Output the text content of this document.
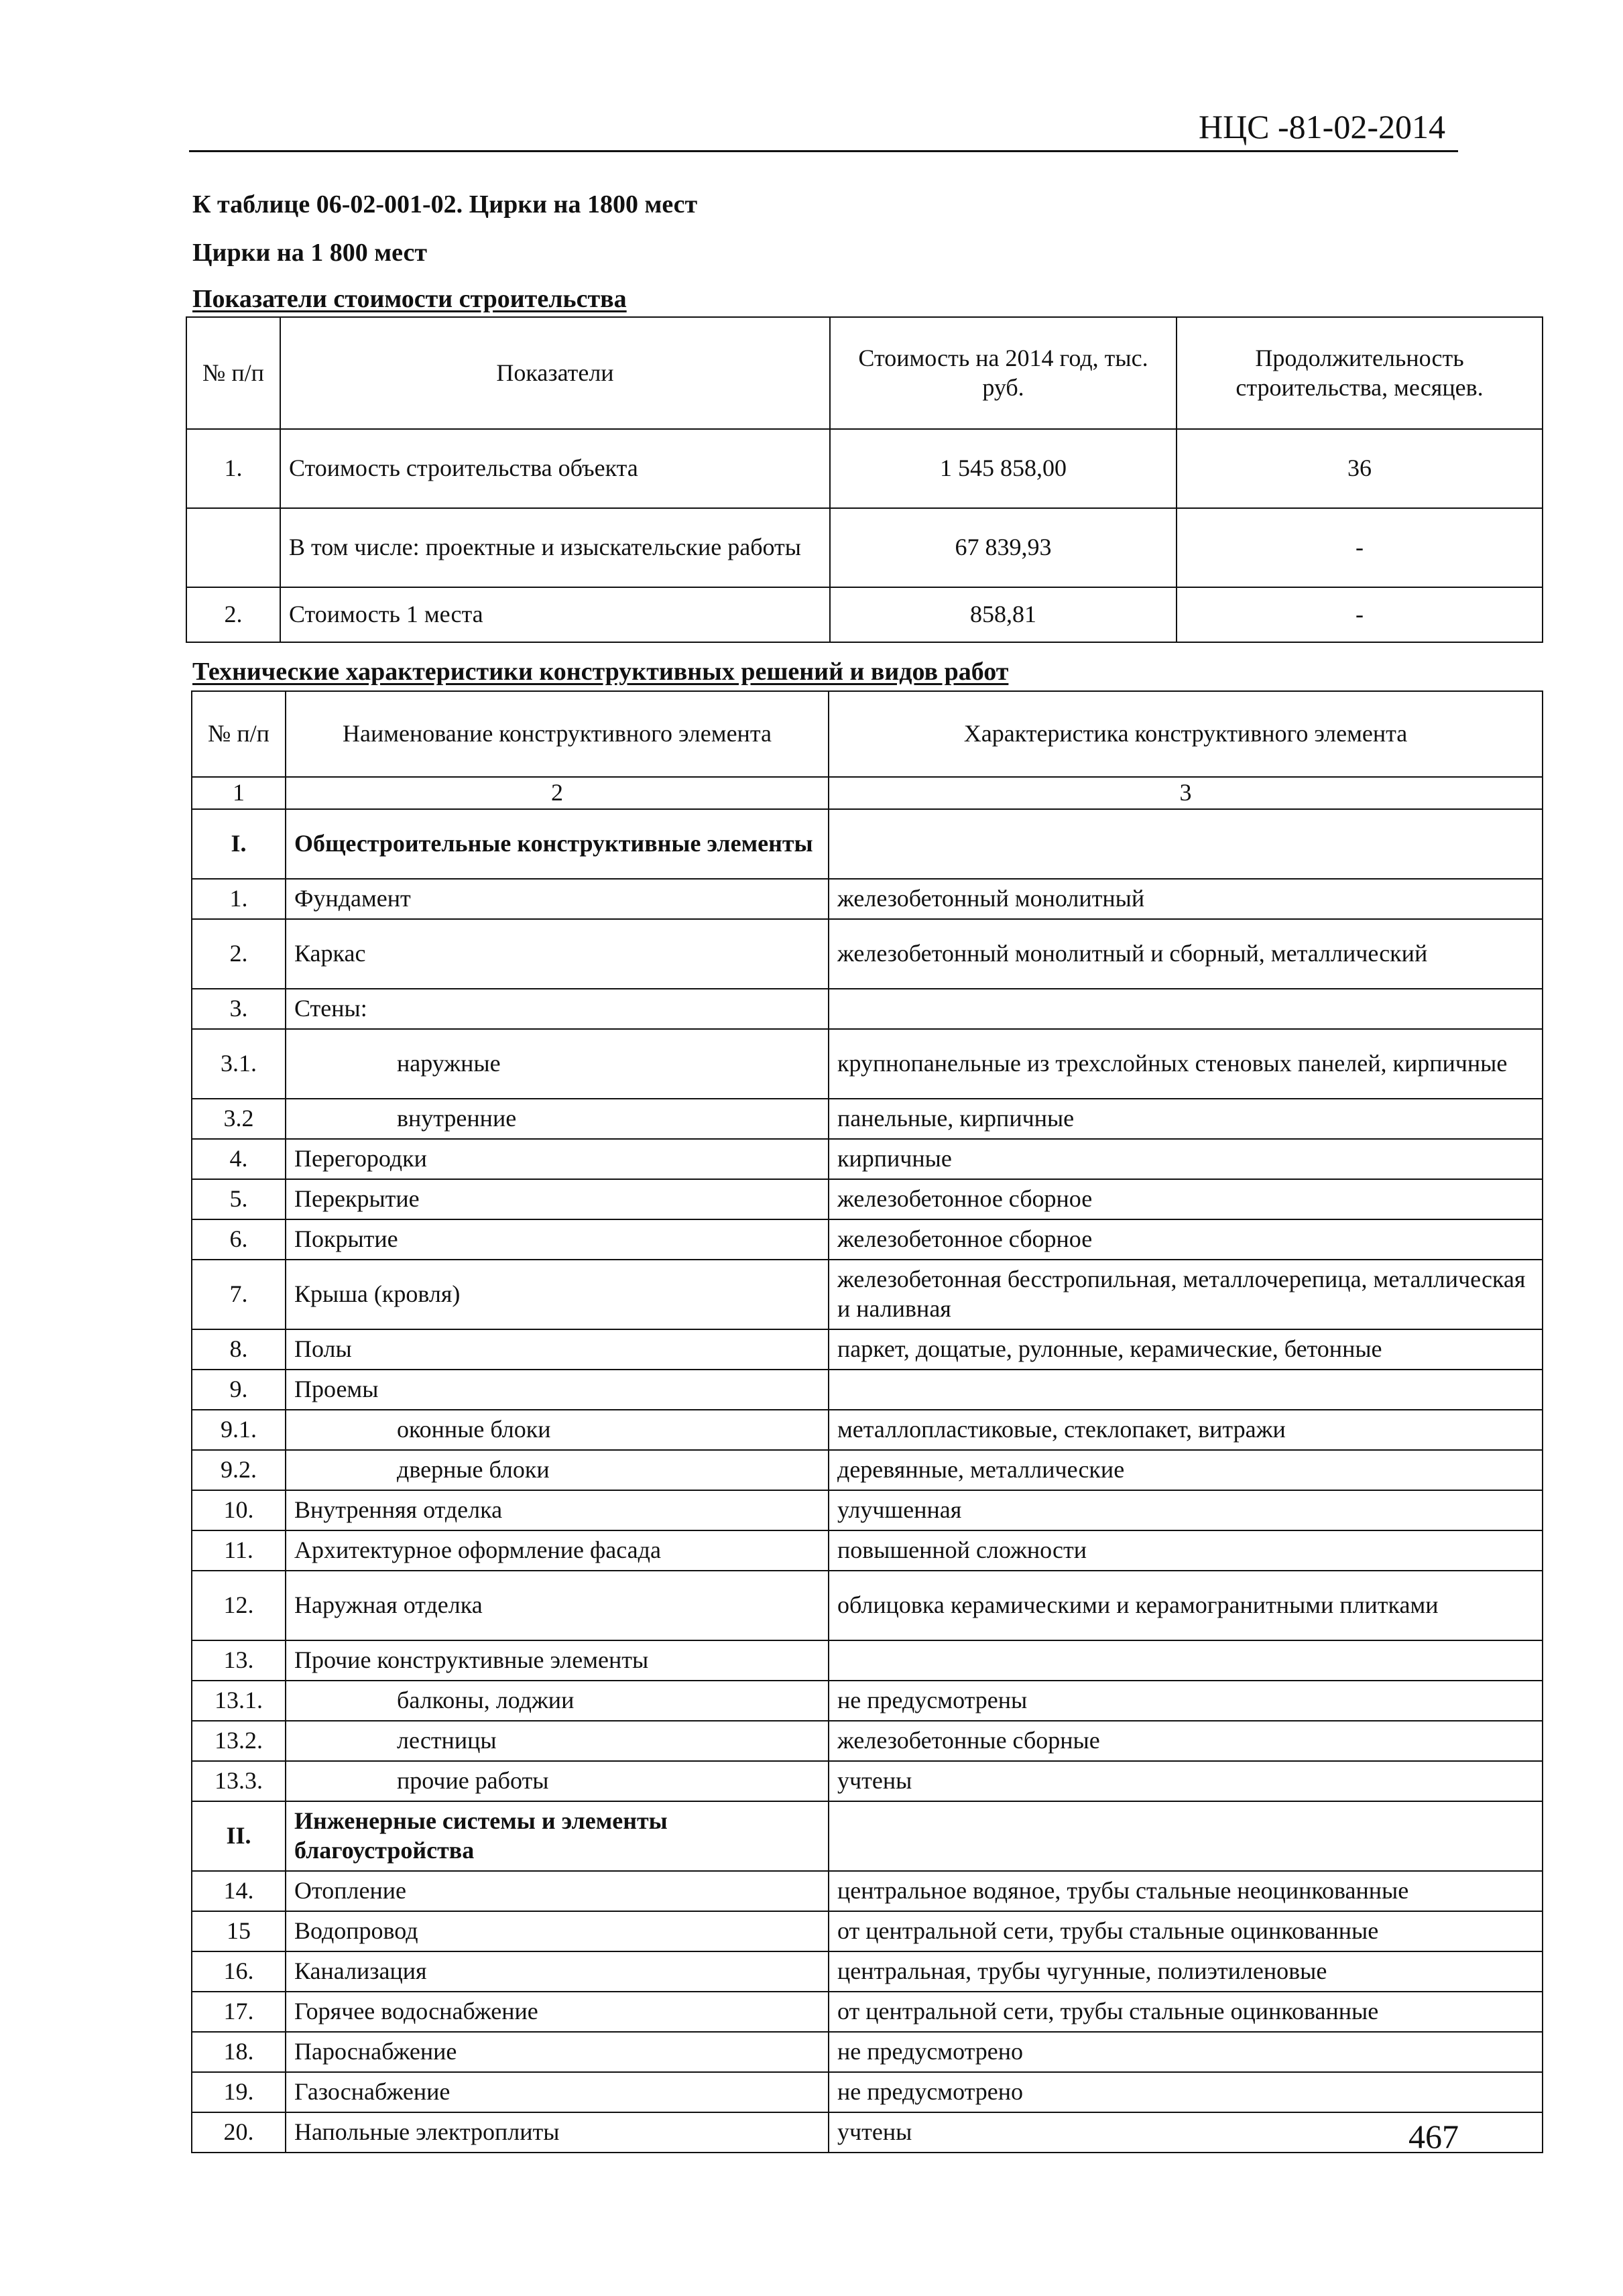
НЦС -81-02-2014
К таблице 06-02-001-02. Цирки на 1800 мест
Цирки на 1 800 мест
Показатели стоимости строительства
№ п/п	Показатели	Стоимость на 2014 год, тыс. руб.	Продолжительность строительства, месяцев.
1.	Стоимость строительства объекта	1 545 858,00	36
	В том числе: проектные и изыскательские работы	67 839,93	-
2.	Стоимость 1 места	858,81	-
Технические характеристики конструктивных решений и видов работ
№ п/п	Наименование конструктивного элемента	Характеристика конструктивного элемента
1	2	3
I.	Общестроительные конструктивные элементы	
1.	Фундамент	железобетонный монолитный
2.	Каркас	железобетонный монолитный и сборный, металлический
3.	Стены:	
3.1.	наружные	крупнопанельные из трехслойных стеновых панелей, кирпичные
3.2	внутренние	панельные, кирпичные
4.	Перегородки	кирпичные
5.	Перекрытие	железобетонное сборное
6.	Покрытие	железобетонное сборное
7.	Крыша (кровля)	железобетонная бесстропильная, металлочерепица, металлическая и наливная
8.	Полы	паркет, дощатые, рулонные, керамические, бетонные
9.	Проемы	
9.1.	оконные блоки	металлопластиковые, стеклопакет, витражи
9.2.	дверные блоки	деревянные, металлические
10.	Внутренняя отделка	улучшенная
11.	Архитектурное оформление фасада	повышенной сложности
12.	Наружная отделка	облицовка керамическими и керамогранитными плитками
13.	Прочие конструктивные элементы	
13.1.	балконы, лоджии	не предусмотрены
13.2.	лестницы	железобетонные сборные
13.3.	прочие работы	учтены
II.	Инженерные системы и элементы благоустройства	
14.	Отопление	центральное водяное, трубы стальные неоцинкованные
15	Водопровод	от центральной сети, трубы стальные оцинкованные
16.	Канализация	центральная, трубы чугунные, полиэтиленовые
17.	Горячее водоснабжение	от центральной сети, трубы стальные оцинкованные
18.	Пароснабжение	не предусмотрено
19.	Газоснабжение	не предусмотрено
20.	Напольные электроплиты	учтены	467
